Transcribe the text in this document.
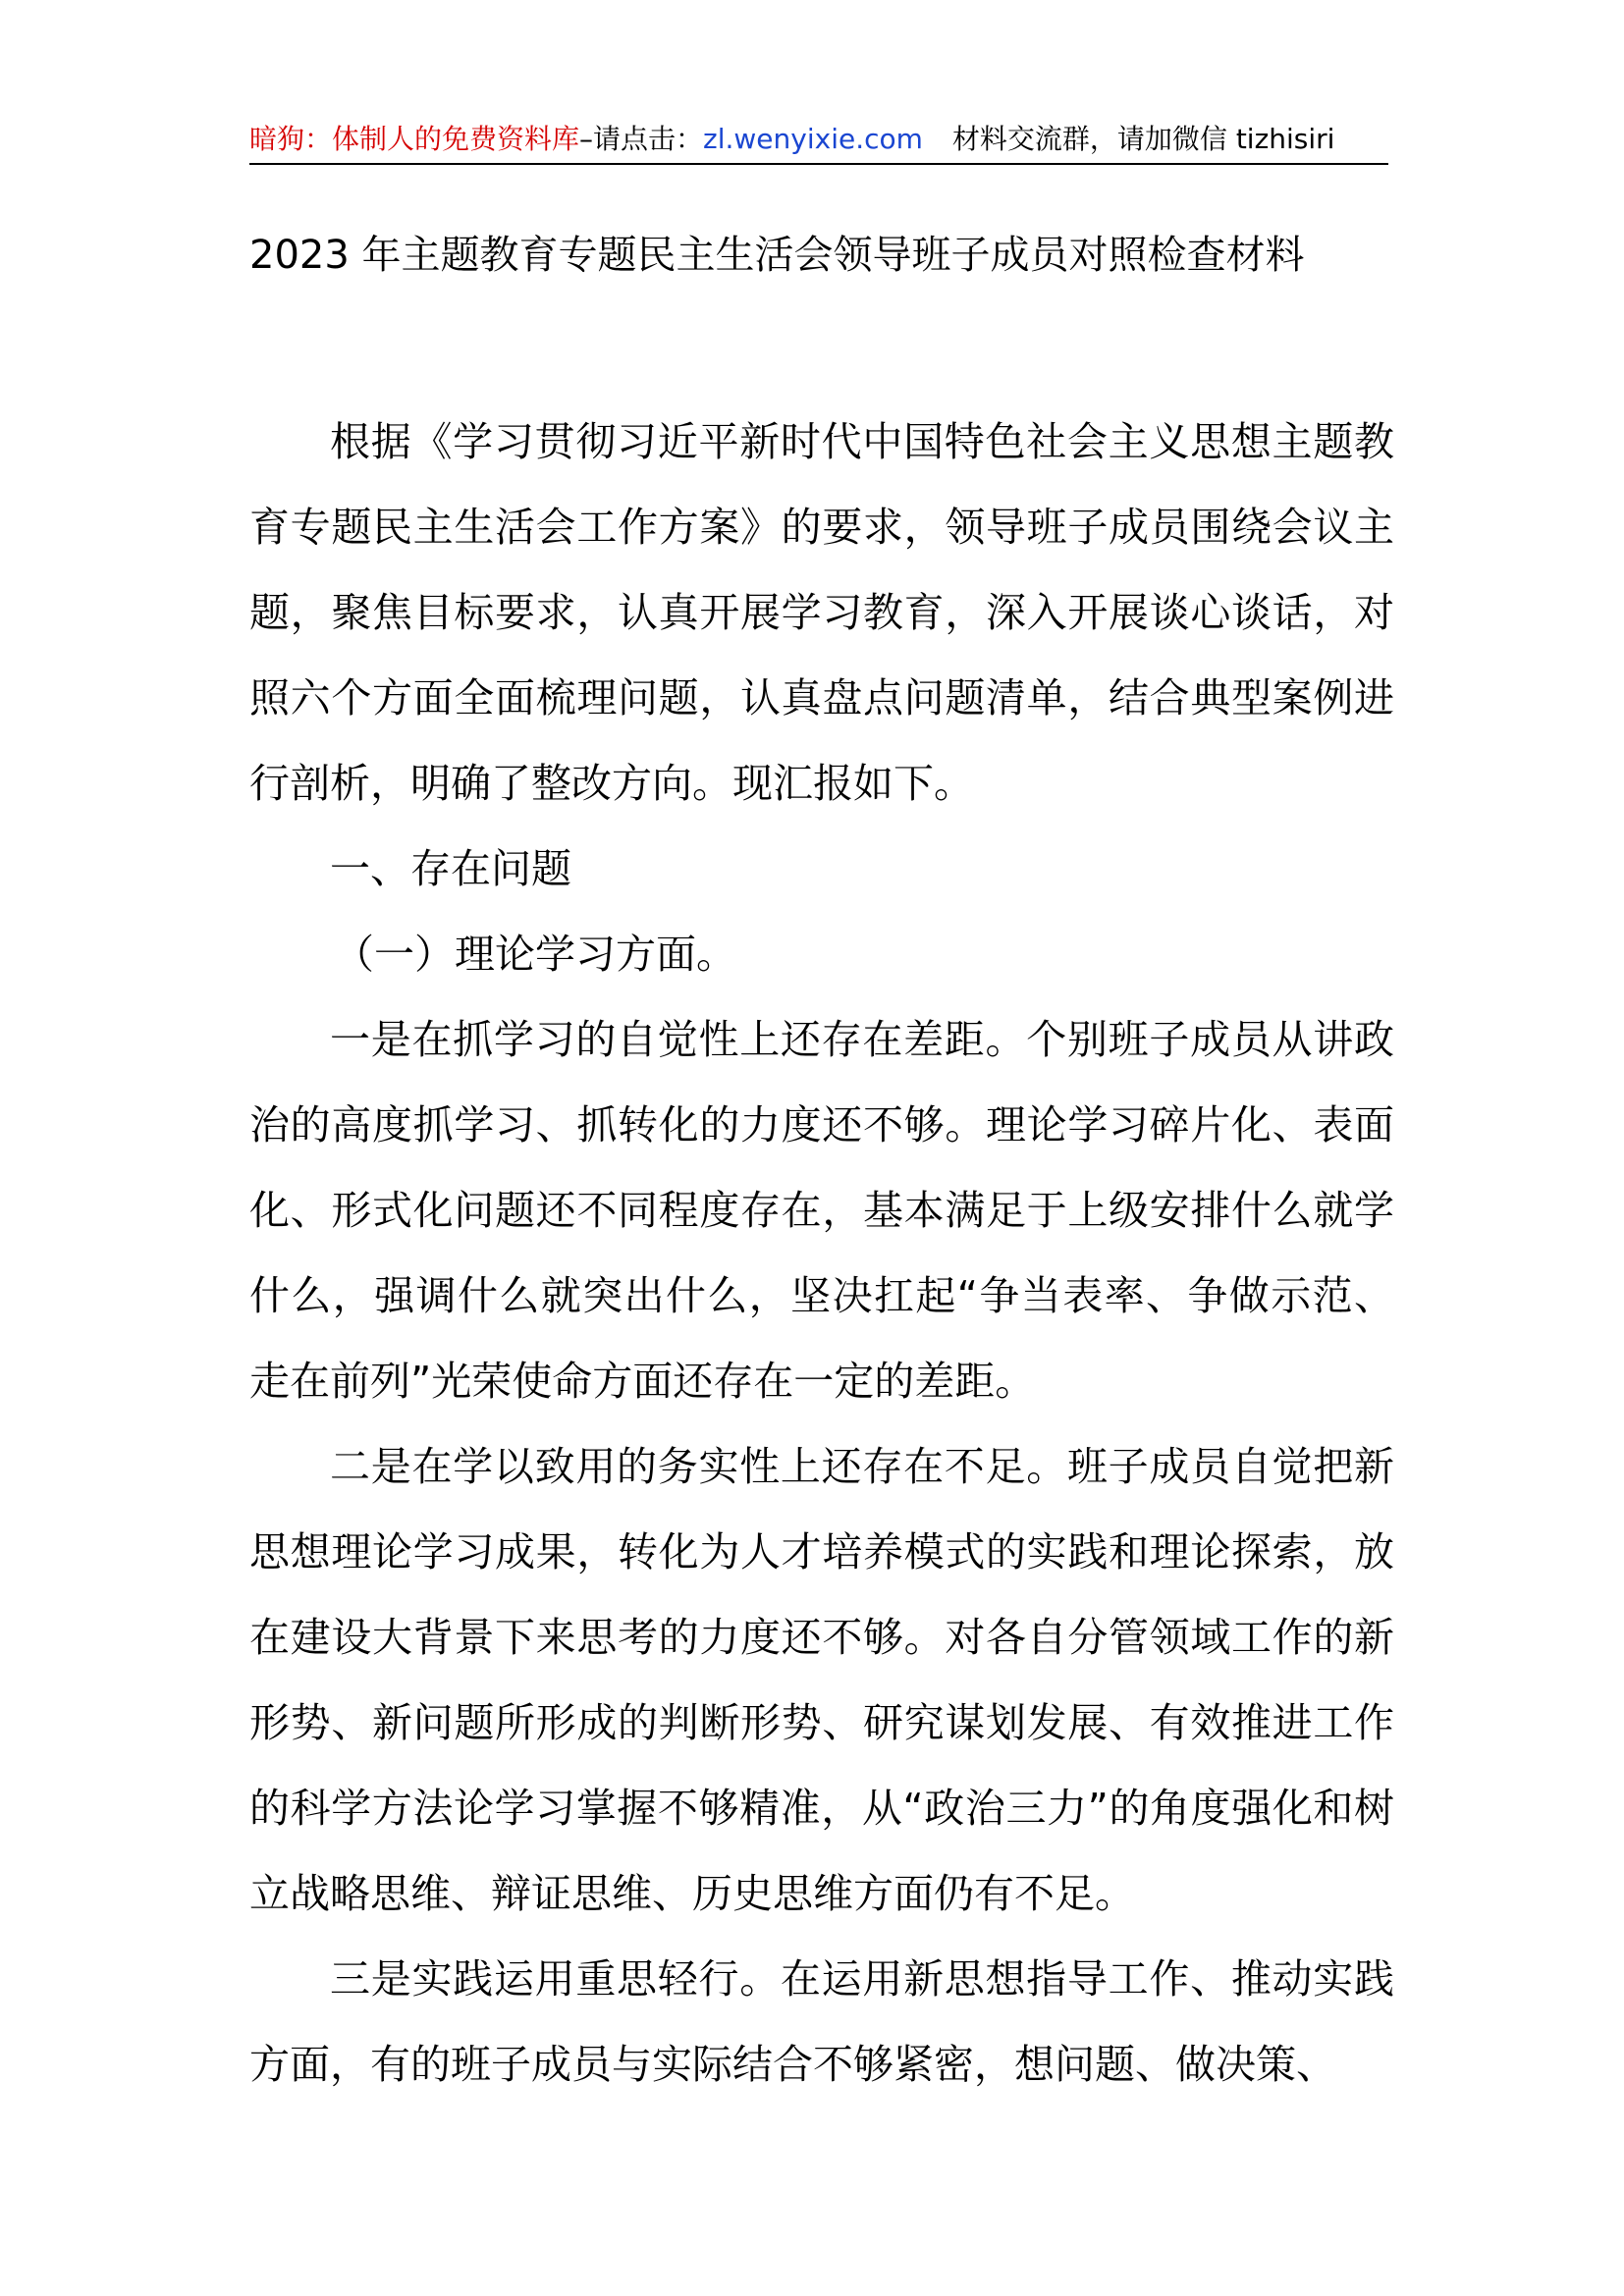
暗狗：体制人的免费资料库–请点击：zl.wenyixie.com 材料交流群，请加微信 tizhisiri
2023 年主题教育专题民主生活会领导班子成员对照检查材料

根据《学习贯彻习近平新时代中国特色社会主义思想主题教育专题民主生活会工作方案》的要求，领导班子成员围绕会议主题，聚焦目标要求，认真开展学习教育，深入开展谈心谈话，对照六个方面全面梳理问题，认真盘点问题清单，结合典型案例进行剖析，明确了整改方向。现汇报如下。

一、存在问题

（一）理论学习方面。

一是在抓学习的自觉性上还存在差距。个别班子成员从讲政治的高度抓学习、抓转化的力度还不够。理论学习碎片化、表面化、形式化问题还不同程度存在，基本满足于上级安排什么就学什么，强调什么就突出什么，坚决扛起“争当表率、争做示范、走在前列”光荣使命方面还存在一定的差距。

二是在学以致用的务实性上还存在不足。班子成员自觉把新思想理论学习成果，转化为人才培养模式的实践和理论探索，放在建设大背景下来思考的力度还不够。对各自分管领域工作的新形势、新问题所形成的判断形势、研究谋划发展、有效推进工作的科学方法论学习掌握不够精准，从“政治三力”的角度强化和树立战略思维、辩证思维、历史思维方面仍有不足。

三是实践运用重思轻行。在运用新思想指导工作、推动实践方面，有的班子成员与实际结合不够紧密，想问题、做决策、
